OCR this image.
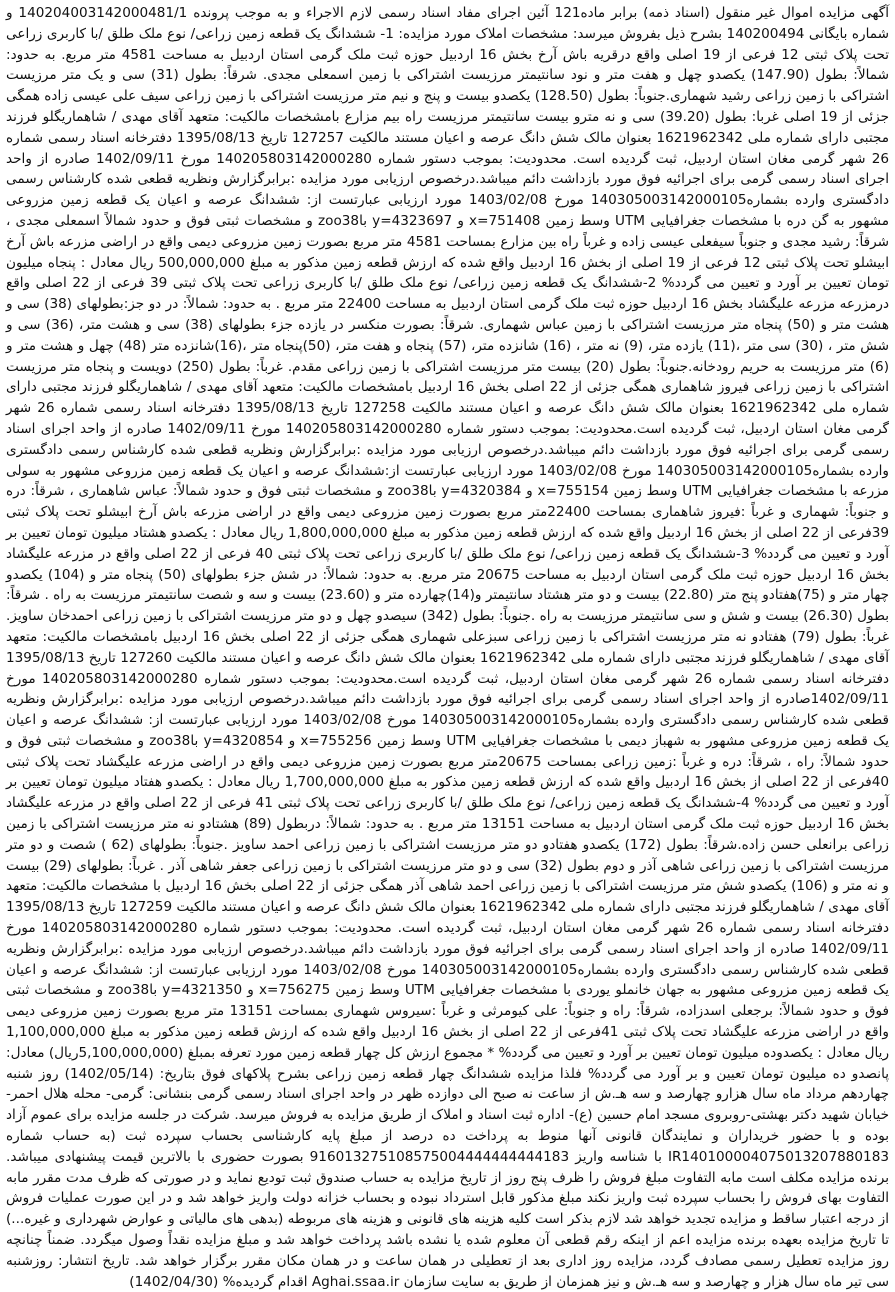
آگهی مزایده اموال غیر منقول (اسناد ذمه) برابر ماده121 آئین اجرای مفاد اسناد رسمی لازم الاجراء و به موجب پرونده 140204003142000481/1 و شماره بایگانی 140200494 بشرح ذیل بفروش میرسد: مشخصات املاک مورد مزایده: 1- ششدانگ یک قطعه زمین زراعی/ نوع ملک طلق /با کاربری زراعی تحت پلاک ثبتی 12 فرعی از 19 اصلی واقع درقریه باش آرخ بخش 16 اردبیل حوزه ثبت ملک گرمی استان اردبیل به مساحت 4581 متر مربع. به حدود: شمالاً: بطول (147.90) یکصدو چهل و هفت متر و نود سانتیمتر مرزیست اشتراکی با زمین اسمعلی مجدی. شرقاً: بطول (31) سی و یک متر مرزیست اشتراکی با زمین زراعی رشید شهماری.جنوباً: بطول (128.50) یکصدو بیست و پنج و نیم متر مرزیست اشتراکی با زمین زراعی سیف علی عیسی زاده همگی جزئی از 19 اصلی غربا: بطول (39.20) سی و نه مترو بیست سانتیمتر مرزیست راه بیم مزارع بامشخصات مالکیت: متعهد آقای مهدی / شاهماریگلو فرزند مجتبی دارای شماره ملی 1621962342 بعنوان مالک شش دانگ عرصه و اعیان مستند مالکیت 127257 تاریخ 1395/08/13 دفترخانه اسناد رسمی شماره 26 شهر گرمی مغان استان اردبیل، ثبت گردیده است. محدودیت: بموجب دستور شماره 140205803142000280 مورخ 1402/09/11 صادره از واحد اجرای اسناد رسمی گرمی برای اجرائیه فوق مورد بازداشت دائم میباشد.درخصوص ارزیابی مورد مزایده :برابرگزارش ونظریه قطعی شده کارشناس رسمی دادگستری وارده بشماره140305003142000105 مورخ 1403/02/08 مورد ارزیابی عبارتست از: ششدانگ عرصه و اعیان یک قطعه زمین مزروعی مشهور به گن دره با مشخصات جغرافیایی UTM وسط زمین 751408=x و 4323697=y باzoo38 و مشخصات ثبتی فوق و حدود شمالاً اسمعلی مجدی ، شرقاً: رشید مجدی و جنوباً سیفعلی عیسی زاده و غرباً راه بین مزارع بمساحت 4581 متر مربع بصورت زمین مزروعی دیمی واقع در اراضی مزرعه باش آرخ ابیشلو تحت پلاک ثبتی 12 فرعی از 19 اصلی از بخش 16 اردبیل واقع شده که ارزش قطعه زمین مذکور به مبلغ 500,000,000 ریال معادل : پنجاه میلیون تومان تعیین بر آورد و تعیین می گردد% 2-ششدانگ یک قطعه زمین زراعی/ نوع ملک طلق /با کاربری زراعی تحت پلاک ثبتی 39 فرعی از 22 اصلی واقع درمزرعه مزرعه علیگشاد بخش 16 اردبیل حوزه ثبت ملک گرمی استان اردبیل به مساحت 22400 متر مربع . به حدود: شمالاً: در دو جز:بطولهای (38) سی و هشت متر و (50) پنجاه متر مرزیست اشتراکی با زمین عباس شهماری. شرقاً: بصورت منکسر در یازده جزء بطولهای (38) سی و هشت متر، (36) سی و شش متر ، (30) سی متر ،(11) یازده متر، (9) نه متر ، (16) شانزده متر، (57) پنجاه و هفت متر، (50)پنجاه متر ،(16)شانزده متر (48) چهل و هشت متر و (6) متر مرزیست به حریم رودخانه.جنوباً: بطول (20) بیست متر مرزیست اشتراکی با زمین زراعی مقدم. غرباً: بطول (250) دویست و پنجاه متر مرزیست اشتراکی با زمین زراعی فیروز شاهماری همگی جزئی از 22 اصلی بخش 16 اردبیل بامشخصات مالکیت: متعهد آقای مهدی / شاهماریگلو فرزند مجتبی دارای شماره ملی 1621962342 بعنوان مالک شش دانگ عرصه و اعیان مستند مالکیت 127258 تاریخ 1395/08/13 دفترخانه اسناد رسمی شماره 26 شهر گرمی مغان استان اردبیل، ثبت گردیده است.محدودیت: بموجب دستور شماره 140205803142000280 مورخ 1402/09/11 صادره از واحد اجرای اسناد رسمی گرمی برای اجرائیه فوق مورد بازداشت دائم میباشد.درخصوص ارزیابی مورد مزایده :برابرگزارش ونظریه قطعی شده کارشناس رسمی دادگستری وارده بشماره140305003142000105 مورخ 1403/02/08 مورد ارزیابی عبارتست از:ششدانگ عرصه و اعیان یک قطعه زمین مزروعی مشهور به سولی مزرعه با مشخصات جغرافیایی UTM وسط زمین 755154=x و 4320384=y باzoo38 و مشخصات ثبتی فوق و حدود شمالاً: عباس شاهماری ، شرقاً: دره و جنوباً: شهماری و غرباً :فیروز شاهماری بمساحت 22400متر مربع بصورت زمین مزروعی دیمی واقع در اراضی مزرعه باش آرخ ابیشلو تحت پلاک ثبتی 39فرعی از 22 اصلی از بخش 16 اردبیل واقع شده که ارزش قطعه زمین مذکور به مبلغ 1,800,000,000 ریال معادل : یکصدو هشتاد میلیون تومان تعیین بر آورد و تعیین می گردد% 3-ششدانگ یک قطعه زمین زراعی/ نوع ملک طلق /با کاربری زراعی تحت پلاک ثبتی 40 فرعی از 22 اصلی واقع در مزرعه علیگشاد بخش 16 اردبیل حوزه ثبت ملک گرمی استان اردبیل به مساحت 20675 متر مربع. به حدود: شمالاً: در شش جزء بطولهای (50) پنجاه متر و (104) یکصدو چهار متر و (75)هفتادو پنج متر (22.80) بیست و دو متر هشتاد سانتیمتر و(14)چهارده متر و (23.60) بیست و سه و شصت سانتیمتر مرزیست به راه . شرقاً: بطول (26.30) بیست و شش و سی سانتیمتر مرزیست به راه .جنوباً: بطول (342) سیصدو چهل و دو متر مرزیست اشتراکی با زمین زراعی احمدخان ساویز. غرباً: بطول (79) هفتادو نه متر مرزیست اشتراکی با زمین زراعی سبزعلی شهماری همگی جزئی از 22 اصلی بخش 16 اردبیل بامشخصات مالکیت: متعهد آقای مهدی / شاهماریگلو فرزند مجتبی دارای شماره ملی 1621962342 بعنوان مالک شش دانگ عرصه و اعیان مستند مالکیت 127260 تاریخ 1395/08/13 دفترخانه اسناد رسمی شماره 26 شهر گرمی مغان استان اردبیل، ثبت گردیده است.محدودیت: بموجب دستور شماره 140205803142000280 مورخ 1402/09/11صادره از واحد اجرای اسناد رسمی گرمی برای اجرائیه فوق مورد بازداشت دائم میباشد.درخصوص ارزیابی مورد مزایده :برابرگزارش ونظریه قطعی شده کارشناس رسمی دادگستری وارده بشماره140305003142000105 مورخ 1403/02/08 مورد ارزیابی عبارتست از: ششدانگ عرصه و اعیان یک قطعه زمین مزروعی مشهور به شهباز دیمی با مشخصات جغرافیایی UTM وسط زمین 755256=x و 4320854=y باzoo38 و مشخصات ثبتی فوق و حدود شمالاً: راه ، شرقاً: دره و غرباً :زمین زراعی بمساحت 20675متر مربع بصورت زمین مزروعی دیمی واقع در اراضی مزرعه علیگشاد تحت پلاک ثبتی 40فرعی از 22 اصلی از بخش 16 اردبیل واقع شده که ارزش قطعه زمین مذکور به مبلغ 1,700,000,000 ریال معادل : یکصدو هفتاد میلیون تومان تعیین بر آورد و تعیین می گردد% 4-ششدانگ یک قطعه زمین زراعی/ نوع ملک طلق /با کاربری زراعی تحت پلاک ثبتی 41 فرعی از 22 اصلی واقع در مزرعه علیگشاد بخش 16 اردبیل حوزه ثبت ملک گرمی استان اردبیل به مساحت 13151 متر مربع . به حدود: شمالاً: دربطول (89) هشتادو نه متر مرزیست اشتراکی با زمین زراعی برانعلی حسن زاده.شرقاً: بطول (172) یکصدو هفتادو دو متر مرزیست اشتراکی با زمین زراعی احمد ساویز .جنوباً: بطولهای (62 ) شصت و دو متر مرزیست اشتراکی با زمین زراعی شاهی آذر و دوم بطول (32) سی و دو متر مرزیست اشتراکی با زمین زراعی جعفر شاهی آذر . غرباً: بطولهای (29) بیست و نه متر و (106) یکصدو شش متر مرزیست اشتراکی با زمین زراعی احمد شاهی آذر همگی جزئی از 22 اصلی بخش 16 اردبیل با مشخصات مالکیت: متعهد آقای مهدی / شاهماریگلو فرزند مجتبی دارای شماره ملی 1621962342 بعنوان مالک شش دانگ عرصه و اعیان مستند مالکیت 127259 تاریخ 1395/08/13 دفترخانه اسناد رسمی شماره 26 شهر گرمی مغان استان اردبیل، ثبت گردیده است. محدودیت: بموجب دستور شماره 140205803142000280 مورخ 1402/09/11 صادره از واحد اجرای اسناد رسمی گرمی برای اجرائیه فوق مورد بازداشت دائم میباشد.درخصوص ارزیابی مورد مزایده :برابرگزارش ونظریه قطعی شده کارشناس رسمی دادگستری وارده بشماره140305003142000105 مورخ 1403/02/08 مورد ارزیابی عبارتست از: ششدانگ عرصه و اعیان یک قطعه زمین مزروعی مشهور به جهان خانملو یوردی با مشخصات جغرافیایی UTM وسط زمین 756275=x و 4321350=y باzoo38 و مشخصات ثبتی فوق و حدود شمالاً: برجعلی اسدزاده، شرقاً: راه و جنوباً: علی کیومرثی و غرباً :سیروس شهماری بمساحت 13151 متر مربع بصورت زمین مزروعی دیمی واقع در اراضی مزرعه علیگشاد تحت پلاک ثبتی 41فرعی از 22 اصلی از بخش 16 اردبیل واقع شده که ارزش قطعه زمین مذکور به مبلغ 1,100,000,000 ریال معادل : یکصدوده میلیون تومان تعیین بر آورد و تعیین می گردد% * مجموع ارزش کل چهار قطعه زمین مورد تعرفه بمبلغ (5,100,000,000ریال) معادل: پانصدو ده میلیون تومان تعیین و بر آورد می گردد% فلذا مزایده ششدانگ چهار قطعه زمین زراعی بشرح پلاکهای فوق بتاریخ: (1402/05/14) روز شنبه چهاردهم مرداد ماه سال هزارو چهارصد و سه هـ.ش از ساعت نه صبح الی دوازده ظهر در واحد اجرای اسناد رسمی گرمی بنشانی: گرمی- محله هلال احمر-خیابان شهید دکتر بهشتی-روبروی مسجد امام حسین (ع)- اداره ثبت اسناد و املاک از طریق مزایده به فروش میرسد. شرکت در جلسه مزایده برای عموم آزاد بوده و با حضور خریداران و نمایندگان قانونی آنها منوط به پرداخت ده درصد از مبلغ پایه کارشناسی بحساب سپرده ثبت (به حساب شماره IR140100004075013207880183 با شناسه واریز 916013275108575004444444444183 بصورت حضوری با بالاترین قیمت پیشنهادی میباشد. برنده مزایده مکلف است مابه التفاوت مبلغ فروش را ظرف پنج روز از تاریخ مزایده به حساب صندوق ثبت تودیع نماید و در صورتی که ظرف مدت مقرر مابه التفاوت بهای فروش را بحساب سپرده ثبت واریز نکند مبلغ مذکور قابل استرداد نبوده و بحساب خزانه دولت واریز خواهد شد و در این صورت عملیات فروش از درجه اعتبار ساقط و مزایده تجدید خواهد شد لازم بذکر است کلیه هزینه های قانونی و هزینه های مربوطه (بدهی های مالیاتی و عوارض شهرداری و غیره...) تا تاریخ مزایده بعهده برنده مزایده اعم از اینکه رقم قطعی آن معلوم شده یا نشده باشد پرداخت خواهد شد و مبلغ مزایده نقداً وصول میگردد. ضمناً چنانچه روز مزایده تعطیل رسمی مصادف گردد، مزایده روز اداری بعد از تعطیلی در همان ساعت و در همان مکان مقرر برگزار خواهد شد. تاریخ انتشار: روزشنبه سی تیر ماه سال هزار و چهارصد و سه هـ.ش و نیز همزمان از طریق به سایت سازمان Aghai.ssaa.ir اقدام گردیده% (1402/04/30)
